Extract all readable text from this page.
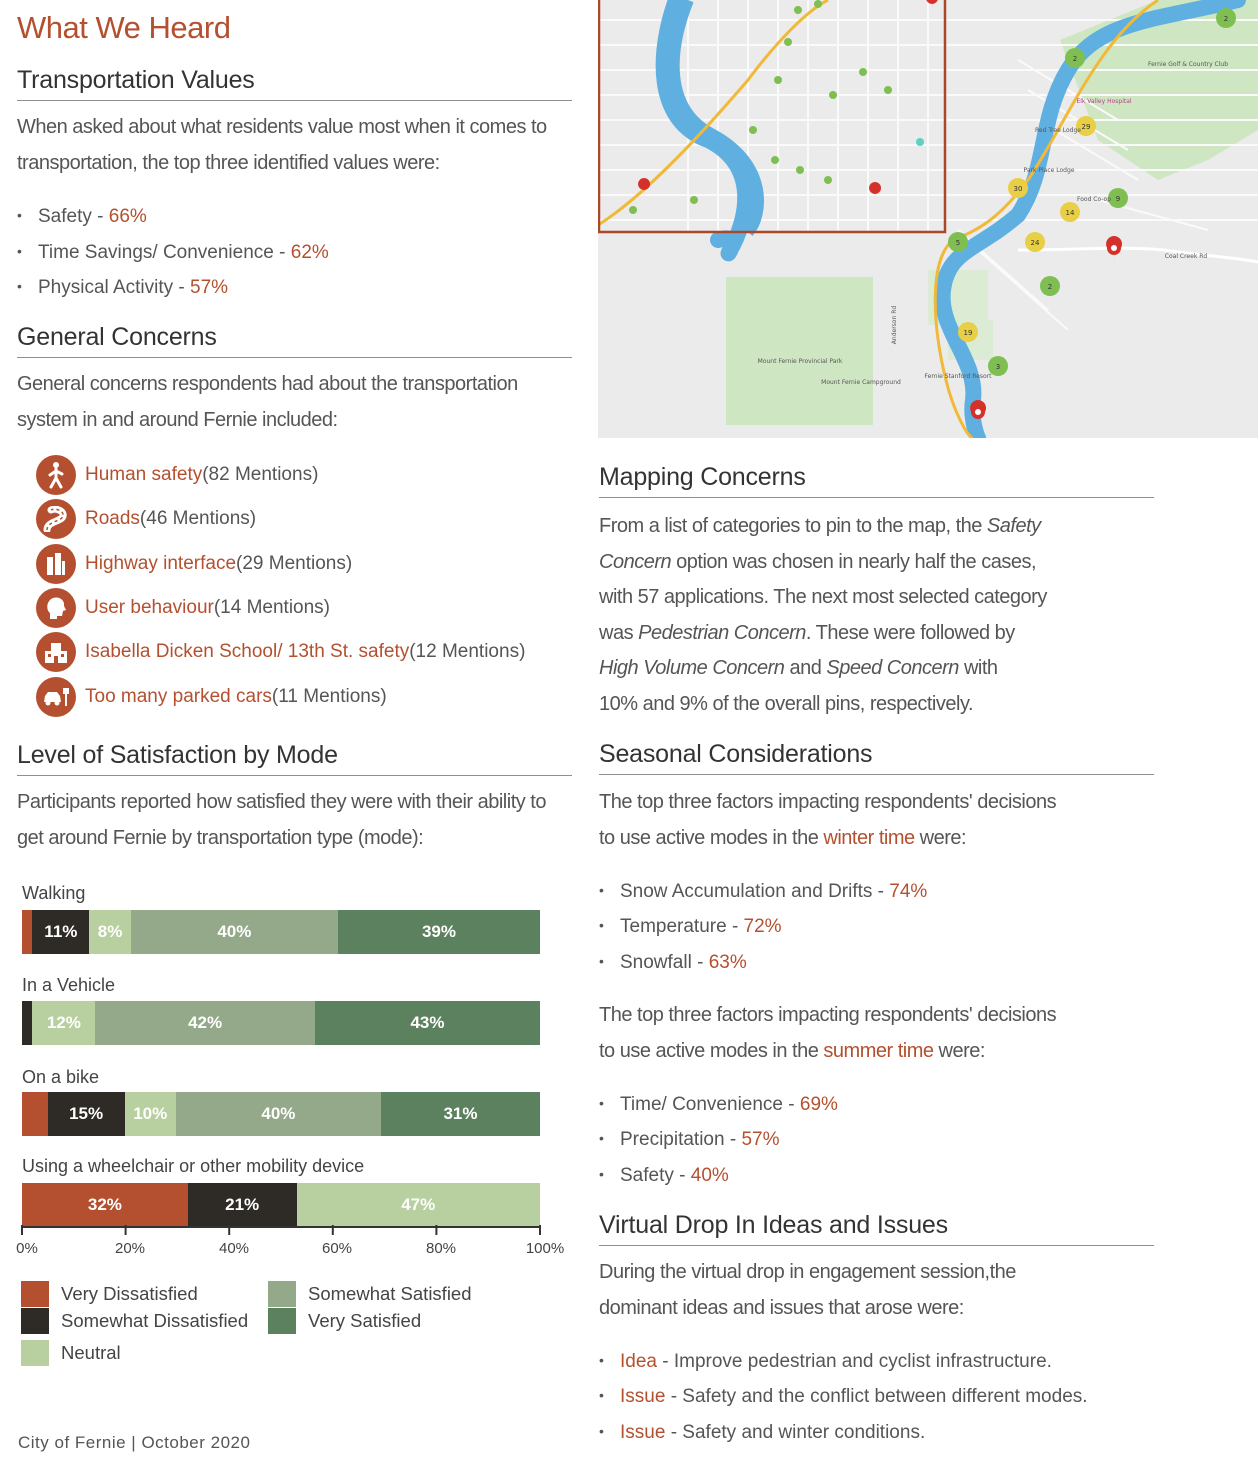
What We Heard
Transportation Values
When asked about what residents value most when it comes to transportation, the top three identified values were:
• Safety - 66%
• Time Savings/ Convenience - 62%
• Physical Activity - 57%
General Concerns
General concerns respondents had about the transportation system in and around Fernie included:
Human safety (82 Mentions)
Roads (46 Mentions)
Highway interface (29 Mentions)
User behaviour (14 Mentions)
Isabella Dicken School/ 13th St. safety (12 Mentions)
Too many parked cars (11 Mentions)
Level of Satisfaction by Mode
Participants reported how satisfied they were with their ability to get around Fernie by transportation type (mode):
Walking
11%	8%	40%	39%
In a Vehicle
12%	42%	43%
On a bike
15%	10%	40%	31%
Using a wheelchair or other mobility device
32%	21%	47%
0%	20%	40%	60%	80%	100%
Very Dissatisfied
Somewhat Dissatisfied
Neutral
Somewhat Satisfied
Very Satisfied
City of Fernie | October 2020
2
29
30
14
9
24
5
2
19
3
2
Mount Fernie Provincial Park
Mount Fernie Campground
Coal Creek Rd
Elk Valley Hospital
Fernie Golf & Country Club
Fernie Stanford Resort
Red Tree Lodge
Park Place Lodge
Food Co-op
Anderson Rd
Mapping Concerns
From a list of categories to pin to the map, the Safety
Concern option was chosen in nearly half the cases,
with 57 applications. The next most selected category
was Pedestrian Concern. These were followed by
High Volume Concern and Speed Concern with
10% and 9% of the overall pins, respectively.
Seasonal Considerations
The top three factors impacting respondents' decisions
to use active modes in the winter time were:
• Snow Accumulation and Drifts - 74%
• Temperature - 72%
• Snowfall - 63%
The top three factors impacting respondents' decisions
to use active modes in the summer time were:
• Time/ Convenience - 69%
• Precipitation - 57%
• Safety - 40%
Virtual Drop In Ideas and Issues
During the virtual drop in engagement session,the
dominant ideas and issues that arose were:
• Idea - Improve pedestrian and cyclist infrastructure.
• Issue - Safety and the conflict between different modes.
• Issue - Safety and winter conditions.
